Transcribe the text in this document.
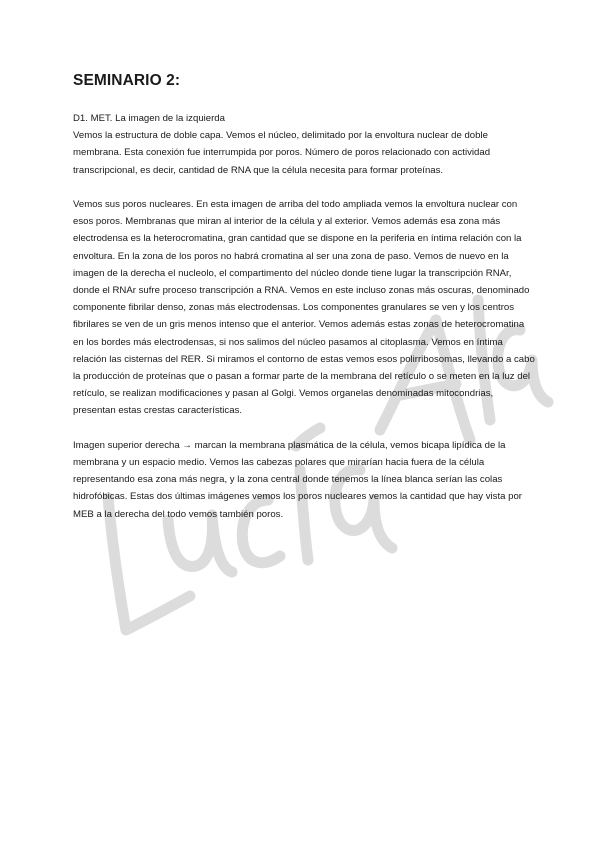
SEMINARIO 2:

D1. MET. La imagen de la izquierda

Vemos la estructura de doble capa. Vemos el núcleo, delimitado por la envoltura nuclear de doble membrana. Esta conexión fue interrumpida por poros. Número de poros relacionado con actividad transcripcional, es decir, cantidad de RNA que la célula necesita para formar proteínas.

Vemos sus poros nucleares. En esta imagen de arriba del todo ampliada vemos la envoltura nuclear con esos poros. Membranas que miran al interior de la célula y al exterior. Vemos además esa zona más electrodensa es la heterocromatina, gran cantidad que se dispone en la periferia en íntima relación con la envoltura. En la zona de los poros no habrá cromatina al ser una zona de paso. Vemos de nuevo en la imagen de la derecha el nucleolo, el compartimento del núcleo donde tiene lugar la transcripción RNAr, donde el RNAr sufre proceso transcripción a RNA. Vemos en este incluso zonas más oscuras, denominado componente fibrilar denso, zonas más electrodensas. Los componentes granulares se ven y los centros fibrilares se ven de un gris menos intenso que el anterior. Vemos además estas zonas de heterocromatina en los bordes más electrodensas, si nos salimos del núcleo pasamos al citoplasma. Vemos en íntima relación las cisternas del RER. Si miramos el contorno de estas vemos esos polirribosomas, llevando a cabo la producción de proteínas que o pasan a formar parte de la membrana del retículo o se meten en la luz del retículo, se realizan modificaciones y pasan al Golgi. Vemos organelas denominadas mitocondrias, presentan estas crestas características.

Imagen superior derecha → marcan la membrana plasmática de la célula, vemos bicapa lipídica de la membrana y un espacio medio. Vemos las cabezas polares que mirarían hacia fuera de la célula representando esa zona más negra, y la zona central donde tenemos la línea blanca serían las colas hidrofóbicas. Estas dos últimas imágenes vemos los poros nucleares vemos la cantidad que hay vista por MEB a la derecha del todo vemos también poros.
